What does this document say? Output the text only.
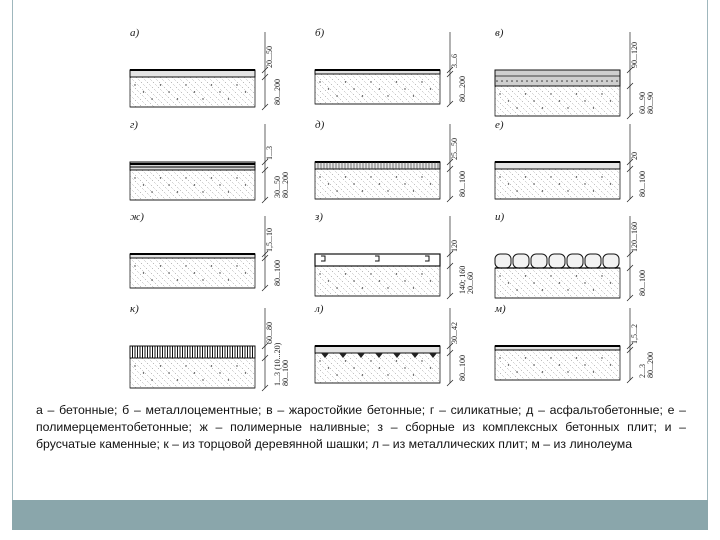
а)
20...50
80...200
б)
3...6
80...200
в)
90...120
60...90 80...90
г)
1...3
30...50 80...200
д)
25...50
80...100
е)
20
80...100
ж)
1,5...10
80...100
з)
120
140; 160 20...60
и)
120...160
80...100
к)
60...80
1...3 (10...20) 80...100
л)
30...42
80...100
м)
1,5...2
2...3 80...200

а – бетонные; б – металлоцементные; в – жаростойкие бетонные; г – силикатные; д – асфальтобетонные; е – полимерцементобетонные; ж – полимерные наливные; з – сборные из комплексных бетонных плит; и – брусчатые каменные; к – из торцовой деревянной шашки; л – из металлических плит; м – из линолеума
